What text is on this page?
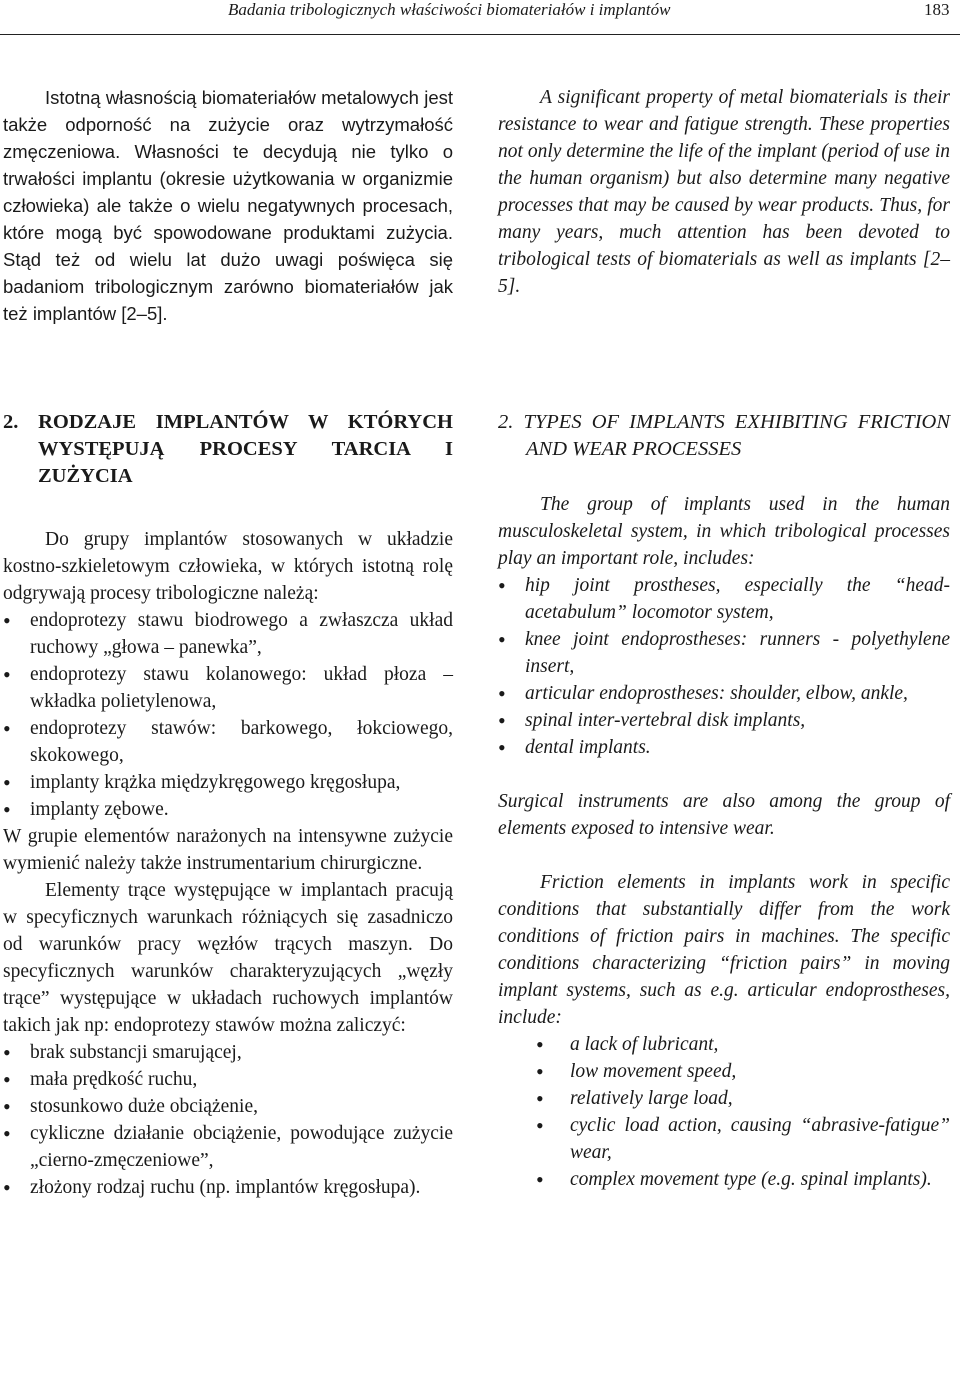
Badania tribologicznych właściwości biomateriałów i implantów	183

Istotną własnością biomateriałów metalowych jest także odporność na zużycie oraz wytrzymałość zmęczeniowa. Własności te decydują nie tylko o trwałości implantu (okresie użytkowania w organizmie człowieka) ale także o wielu negatywnych procesach, które mogą być spowodowane produktami zużycia. Stąd też od wielu lat dużo uwagi poświęca się badaniom tribologicznym zarówno biomateriałów jak też implantów [2–5].

2. RODZAJE IMPLANTÓW W KTÓRYCH WYSTĘPUJĄ PROCESY TARCIA I ZUŻYCIA

Do grupy implantów stosowanych w układzie kostno-szkieletowym człowieka, w których istotną rolę odgrywają procesy tribologiczne należą:

• endoprotezy stawu biodrowego a zwłaszcza układ ruchowy „głowa – panewka”,
• endoprotezy stawu kolanowego: układ płoza – wkładka polietylenowa,
• endoprotezy stawów: barkowego, łokciowego, skokowego,
• implanty krążka międzykręgowego kręgosłupa,
• implanty zębowe.

W grupie elementów narażonych na intensywne zużycie wymienić należy także instrumentarium chirurgiczne.

Elementy trące występujące w implantach pracują w specyficznych warunkach różniących się zasadniczo od warunków pracy węzłów trących maszyn. Do specyficznych warunków charakteryzujących „węzły trące” występujące w układach ruchowych implantów takich jak np: endoprotezy stawów można zaliczyć:

• brak substancji smarującej,
• mała prędkość ruchu,
• stosunkowo duże obciążenie,
• cykliczne działanie obciążenie, powodujące zużycie „cierno-zmęczeniowe”,
• złożony rodzaj ruchu (np. implantów kręgosłupa).

A significant property of metal biomaterials is their resistance to wear and fatigue strength. These properties not only determine the life of the implant (period of use in the human organism) but also determine many negative processes that may be caused by wear products. Thus, for many years, much attention has been devoted to tribological tests of biomaterials as well as implants [2–5].

2. TYPES OF IMPLANTS EXHIBITING FRICTION AND WEAR PROCESSES

The group of implants used in the human musculoskeletal system, in which tribological processes play an important role, includes:

• hip joint prostheses, especially the “head-acetabulum” locomotor system,
• knee joint endoprostheses: runners - polyethylene insert,
• articular endoprostheses: shoulder, elbow, ankle,
• spinal inter-vertebral disk implants,
• dental implants.

Surgical instruments are also among the group of elements exposed to intensive wear.

Friction elements in implants work in specific conditions that substantially differ from the work conditions of friction pairs in machines. The specific conditions characterizing “friction pairs” in moving implant systems, such as e.g. articular endoprostheses, include:

• a lack of lubricant,
• low movement speed,
• relatively large load,
• cyclic load action, causing “abrasive-fatigue” wear,
• complex movement type (e.g. spinal implants).
